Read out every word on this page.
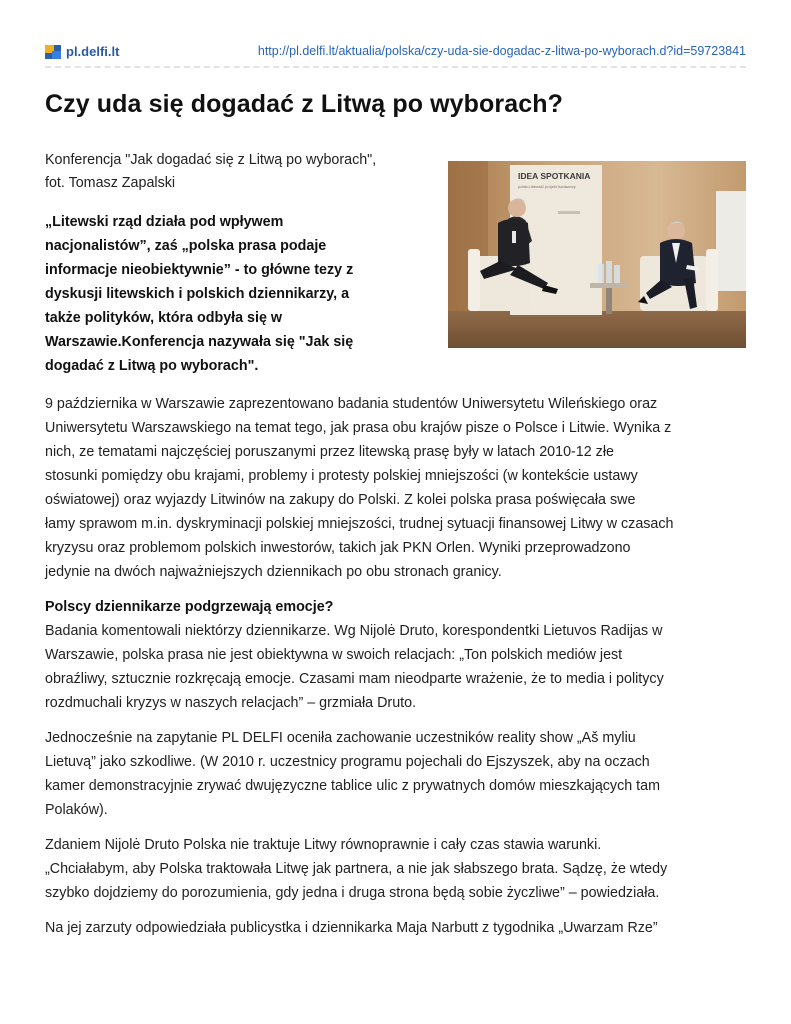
pl.delfi.lt	http://pl.delfi.lt/aktualia/polska/czy-uda-sie-dogadac-z-litwa-po-wyborach.d?id=59723841
Czy uda się dogadać z Litwą po wyborach?
Konferencja "Jak dogadać się z Litwą po wyborach",
fot. Tomasz Zapalski
„Litewski rząd działa pod wpływem
nacjonalistów”, zaś „polska prasa podaje
informacje nieobiektywnie” - to główne tezy z
dyskusji litewskich i polskich dziennikarzy, a
także polityków, która odbyła się w
Warszawie.Konferencja nazywała się "Jak się
dogadać z Litwą po wyborach".
IDEA SPOTKANIA
polsko-litewski projekt badawczy

9 października w Warszawie zaprezentowano badania studentów Uniwersytetu Wileńskiego oraz

Uniwersytetu Warszawskiego na temat tego, jak prasa obu krajów pisze o Polsce i Litwie. Wynika z

nich, ze tematami najczęściej poruszanymi przez litewską prasę były w latach 2010-12 złe

stosunki pomiędzy obu krajami, problemy i protesty polskiej mniejszości (w kontekście ustawy

oświatowej) oraz wyjazdy Litwinów na zakupy do Polski. Z kolei polska prasa poświęcała swe

łamy sprawom m.in. dyskryminacji polskiej mniejszości, trudnej sytuacji finansowej Litwy w czasach

kryzysu oraz problemom polskich inwestorów, takich jak PKN Orlen. Wyniki przeprowadzono

jedynie na dwóch najważniejszych dziennikach po obu stronach granicy.

Polscy dziennikarze podgrzewają emocje?

Badania komentowali niektórzy dziennikarze. Wg Nijolė Druto, korespondentki Lietuvos Radijas w

Warszawie, polska prasa nie jest obiektywna w swoich relacjach: „Ton polskich mediów jest

obraźliwy, sztucznie rozkręcają emocje. Czasami mam nieodparte wrażenie, że to media i politycy

rozdmuchali kryzys w naszych relacjach” – grzmiała Druto.

Jednocześnie na zapytanie PL DELFI oceniła zachowanie uczestników reality show „Aš myliu

Lietuvą” jako szkodliwe. (W 2010 r. uczestnicy programu pojechali do Ejszyszek, aby na oczach

kamer demonstracyjnie zrywać dwujęzyczne tablice ulic z prywatnych domów mieszkających tam

Polaków).

Zdaniem Nijolė Druto Polska nie traktuje Litwy równoprawnie i cały czas stawia warunki.

„Chciałabym, aby Polska traktowała Litwę jak partnera, a nie jak słabszego brata. Sądzę, że wtedy

szybko dojdziemy do porozumienia, gdy jedna i druga strona będą sobie życzliwe” – powiedziała.

Na jej zarzuty odpowiedziała publicystka i dziennikarka Maja Narbutt z tygodnika „Uwarzam Rze”
